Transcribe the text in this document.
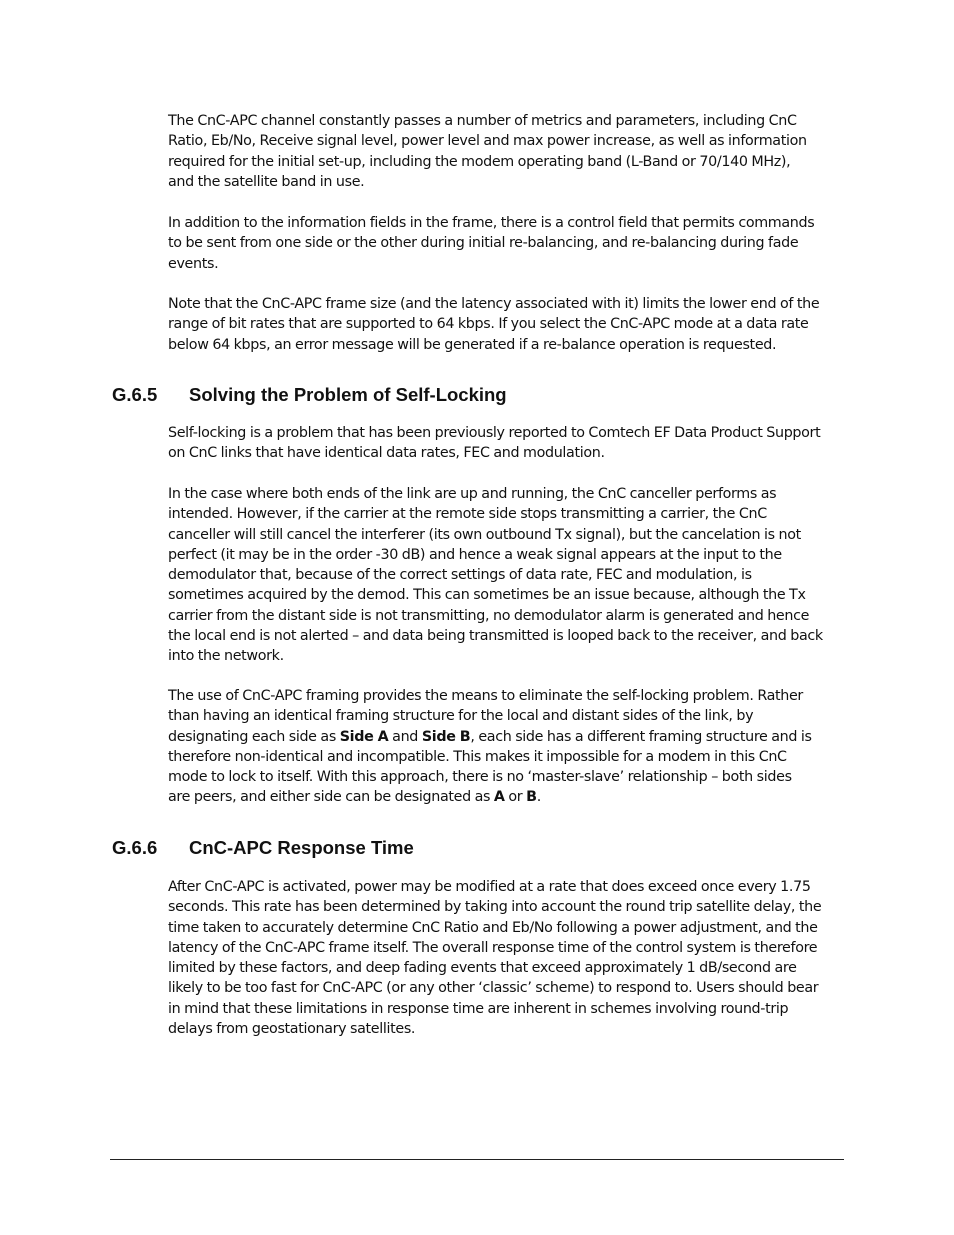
The CnC-APC channel constantly passes a number of metrics and parameters, including CnC
Ratio, Eb/No, Receive signal level, power level and max power increase, as well as information
required for the initial set-up, including the modem operating band (L-Band or 70/140 MHz),
and the satellite band in use.

In addition to the information fields in the frame, there is a control field that permits commands
to be sent from one side or the other during initial re-balancing, and re-balancing during fade
events.

Note that the CnC-APC frame size (and the latency associated with it) limits the lower end of the
range of bit rates that are supported to 64 kbps. If you select the CnC-APC mode at a data rate
below 64 kbps, an error message will be generated if a re-balance operation is requested.

G.6.5 Solving the Problem of Self-Locking

Self-locking is a problem that has been previously reported to Comtech EF Data Product Support
on CnC links that have identical data rates, FEC and modulation.

In the case where both ends of the link are up and running, the CnC canceller performs as
intended. However, if the carrier at the remote side stops transmitting a carrier, the CnC
canceller will still cancel the interferer (its own outbound Tx signal), but the cancelation is not
perfect (it may be in the order -30 dB) and hence a weak signal appears at the input to the
demodulator that, because of the correct settings of data rate, FEC and modulation, is
sometimes acquired by the demod. This can sometimes be an issue because, although the Tx
carrier from the distant side is not transmitting, no demodulator alarm is generated and hence
the local end is not alerted – and data being transmitted is looped back to the receiver, and back
into the network.

The use of CnC-APC framing provides the means to eliminate the self-locking problem. Rather
than having an identical framing structure for the local and distant sides of the link, by
designating each side as Side A and Side B, each side has a different framing structure and is
therefore non-identical and incompatible. This makes it impossible for a modem in this CnC
mode to lock to itself. With this approach, there is no ‘master-slave’ relationship – both sides
are peers, and either side can be designated as A or B.

G.6.6 CnC-APC Response Time

After CnC-APC is activated, power may be modified at a rate that does exceed once every 1.75
seconds. This rate has been determined by taking into account the round trip satellite delay, the
time taken to accurately determine CnC Ratio and Eb/No following a power adjustment, and the
latency of the CnC-APC frame itself. The overall response time of the control system is therefore
limited by these factors, and deep fading events that exceed approximately 1 dB/second are
likely to be too fast for CnC-APC (or any other ‘classic’ scheme) to respond to. Users should bear
in mind that these limitations in response time are inherent in schemes involving round-trip
delays from geostationary satellites.
